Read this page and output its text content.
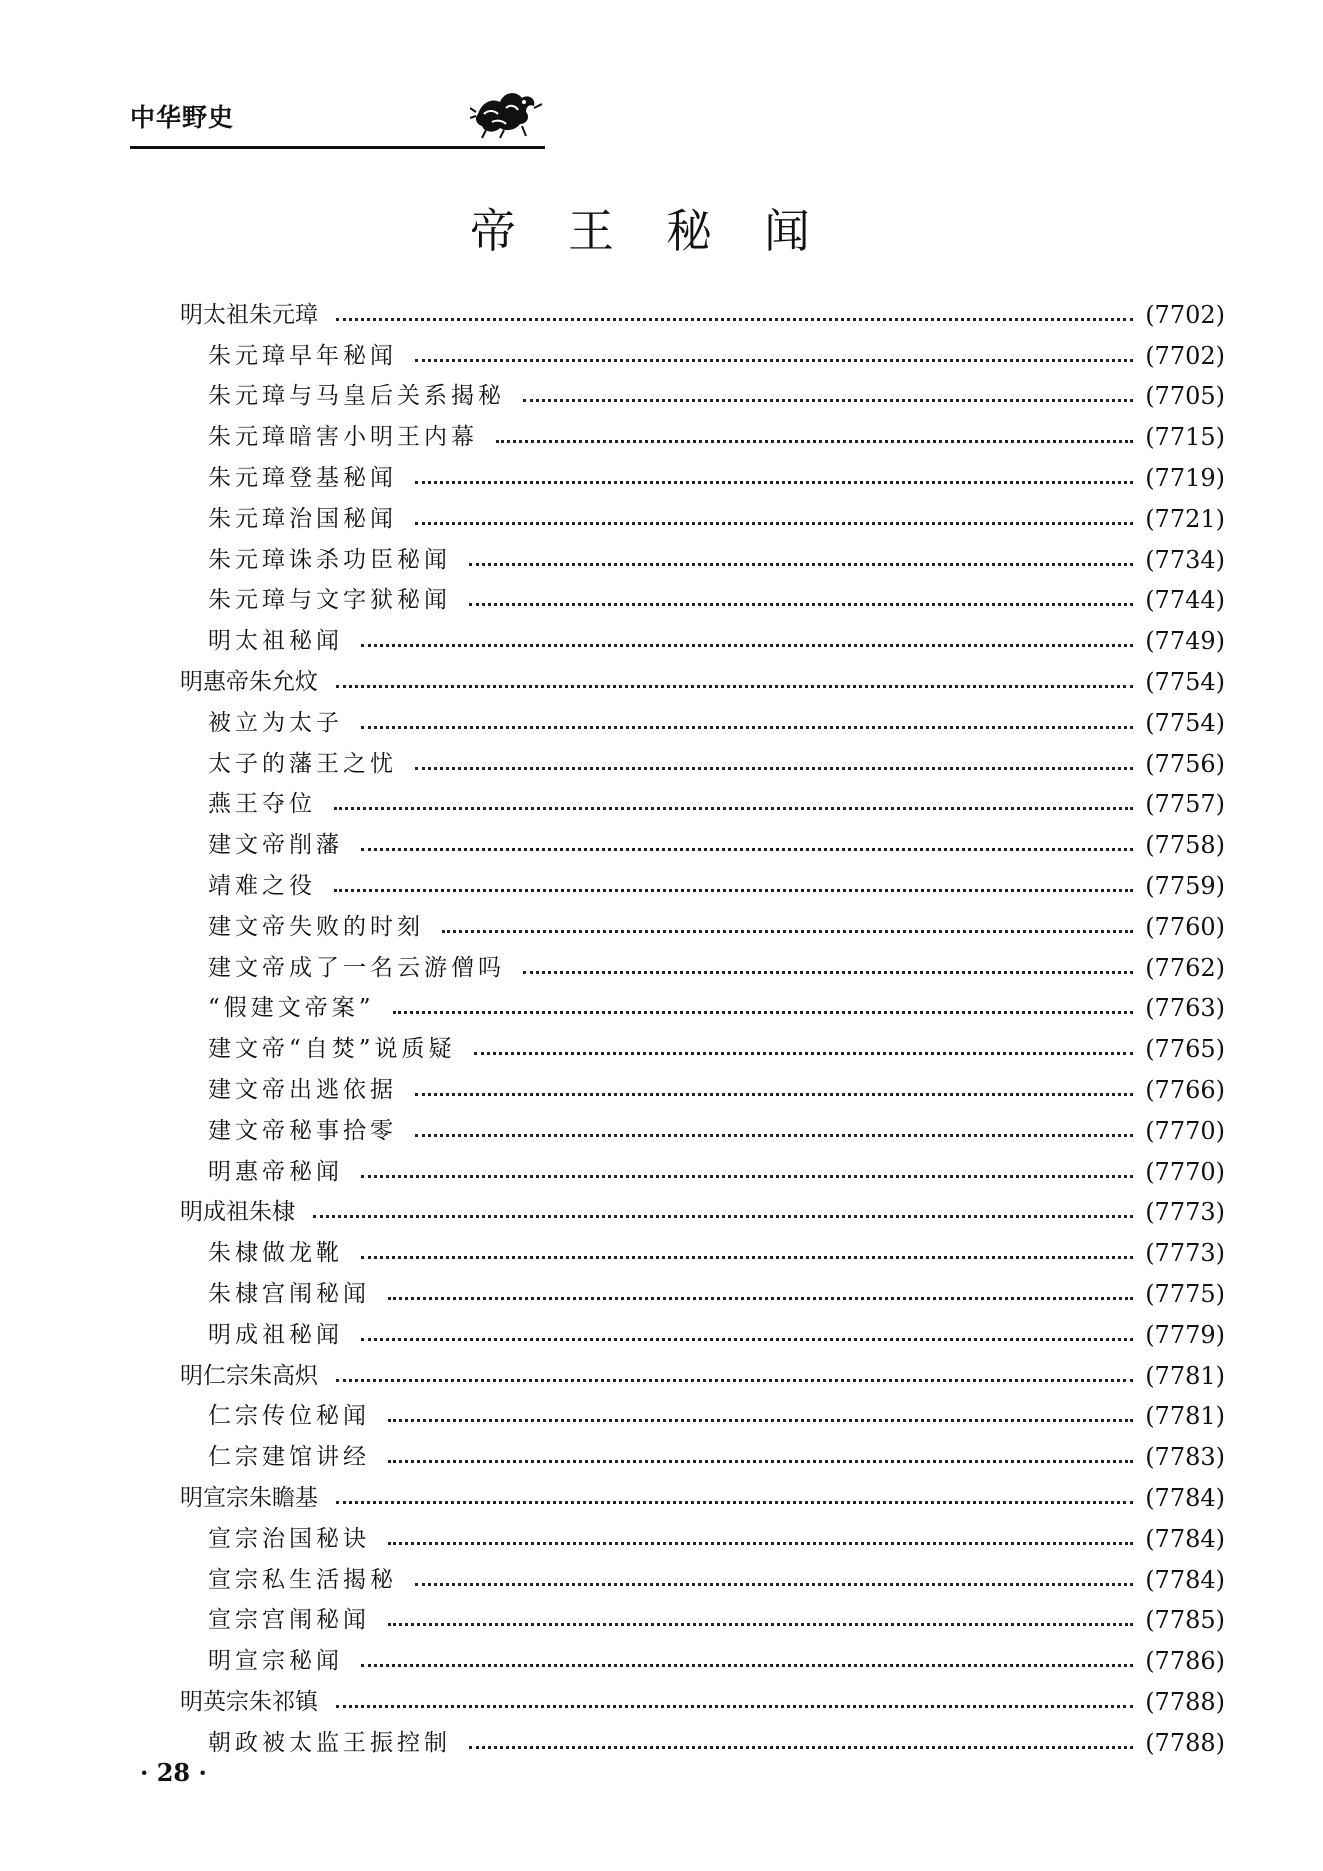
中华野史
帝王秘闻
明太祖朱元璋	(7702)
朱元璋早年秘闻	(7702)
朱元璋与马皇后关系揭秘	(7705)
朱元璋暗害小明王内幕	(7715)
朱元璋登基秘闻	(7719)
朱元璋治国秘闻	(7721)
朱元璋诛杀功臣秘闻	(7734)
朱元璋与文字狱秘闻	(7744)
明太祖秘闻	(7749)
明惠帝朱允炆	(7754)
被立为太子	(7754)
太子的藩王之忧	(7756)
燕王夺位	(7757)
建文帝削藩	(7758)
靖难之役	(7759)
建文帝失败的时刻	(7760)
建文帝成了一名云游僧吗	(7762)
“假建文帝案”	(7763)
建文帝“自焚”说质疑	(7765)
建文帝出逃依据	(7766)
建文帝秘事拾零	(7770)
明惠帝秘闻	(7770)
明成祖朱棣	(7773)
朱棣做龙靴	(7773)
朱棣宫闱秘闻	(7775)
明成祖秘闻	(7779)
明仁宗朱高炽	(7781)
仁宗传位秘闻	(7781)
仁宗建馆讲经	(7783)
明宣宗朱瞻基	(7784)
宣宗治国秘诀	(7784)
宣宗私生活揭秘	(7784)
宣宗宫闱秘闻	(7785)
明宣宗秘闻	(7786)
明英宗朱祁镇	(7788)
朝政被太监王振控制	(7788)
· 28 ·
